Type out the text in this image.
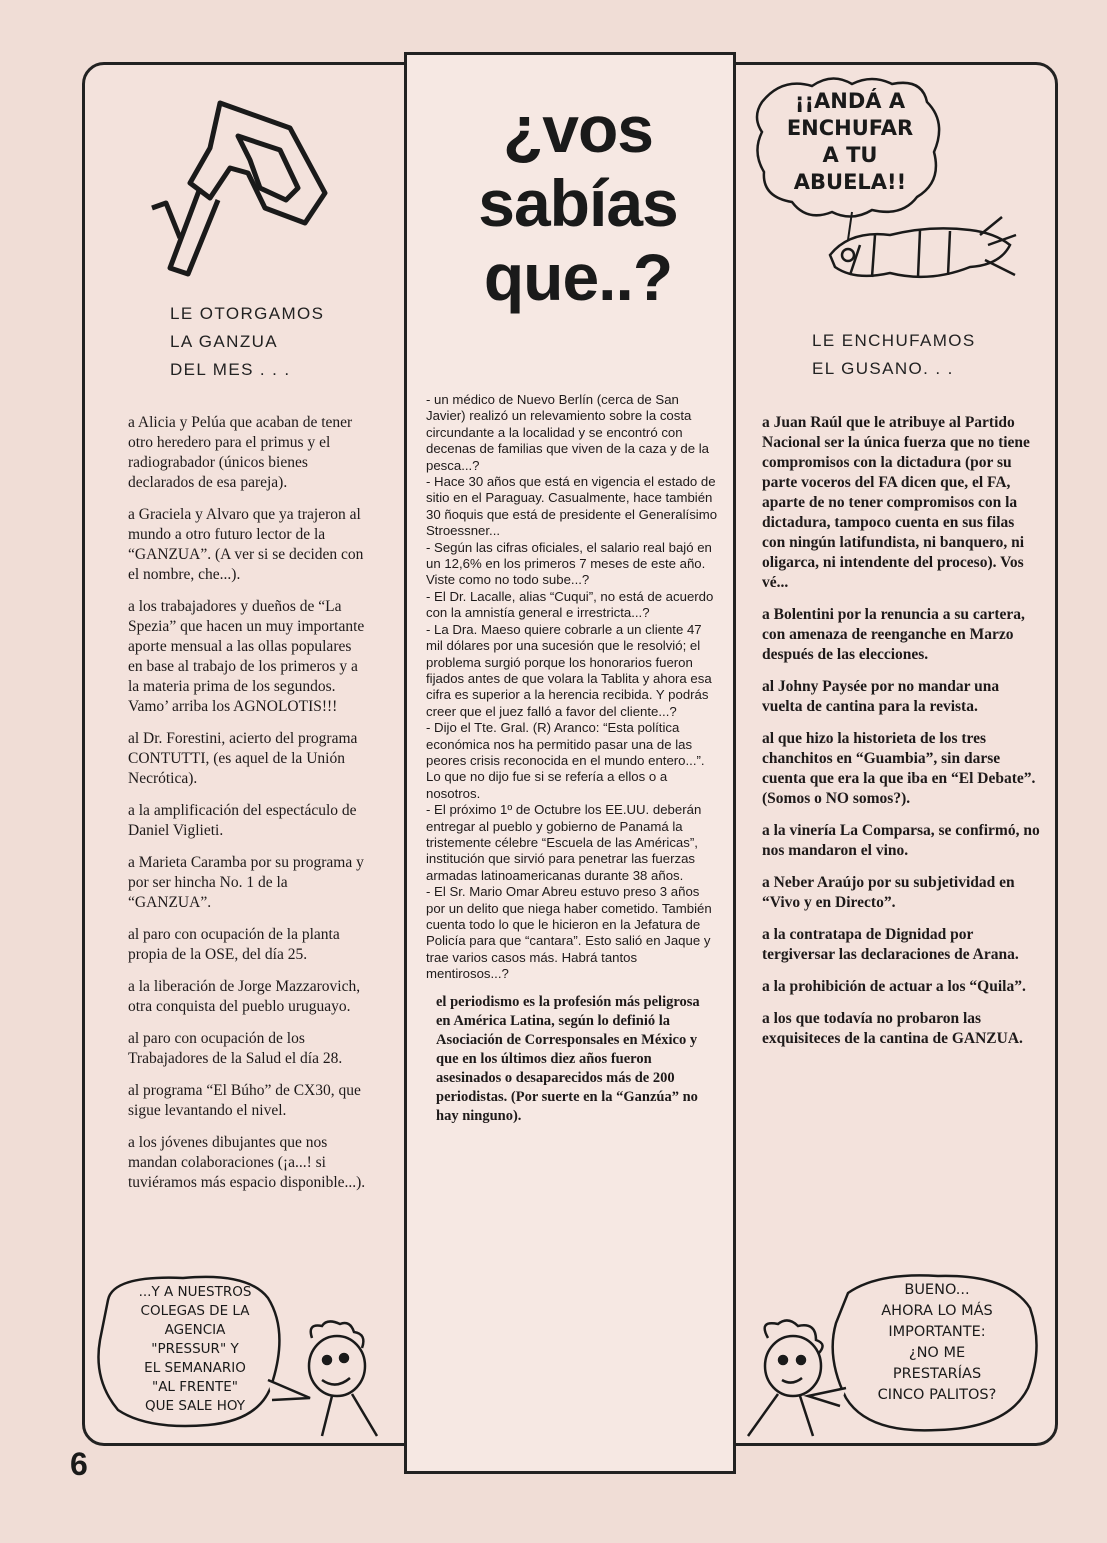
LE OTORGAMOS
LA GANZUA
DEL MES . . .

a Alicia y Pelúa que acaban de tener otro heredero para el primus y el radiograbador (únicos bienes declarados de esa pareja).

a Graciela y Alvaro que ya trajeron al mundo a otro futuro lector de la “GANZUA”. (A ver si se deciden con el nombre, che...).

a los trabajadores y dueños de “La Spezia” que hacen un muy importante aporte mensual a las ollas populares en base al trabajo de los primeros y a la materia prima de los segundos. Vamo’ arriba los AGNOLOTIS!!!

al Dr. Forestini, acierto del programa CONTUTTI, (es aquel de la Unión Necrótica).

a la amplificación del espectáculo de Daniel Viglieti.

a Marieta Caramba por su programa y por ser hincha No. 1 de la “GANZUA”.

al paro con ocupación de la planta propia de la OSE, del día 25.

a la liberación de Jorge Mazzarovich, otra conquista del pueblo uruguayo.

al paro con ocupación de los Trabajadores de la Salud el día 28.

al programa “El Búho” de CX30, que sigue levantando el nivel.

a los jóvenes dibujantes que nos mandan colaboraciones (¡a...! si tuviéramos más espacio disponible...).

...Y A NUESTROS
COLEGAS DE LA
AGENCIA
"PRESSUR" Y
EL SEMANARIO
"AL FRENTE"
QUE SALE HOY
¿vos
sabías
que..?

- un médico de Nuevo Berlín (cerca de San Javier) realizó un relevamiento sobre la costa circundante a la localidad y se encontró con decenas de familias que viven de la caza y de la pesca...?

- Hace 30 años que está en vigencia el estado de sitio en el Paraguay. Casualmente, hace también 30 ñoquis que está de presidente el Generalísimo Stroessner...

- Según las cifras oficiales, el salario real bajó en un 12,6% en los primeros 7 meses de este año. Viste como no todo sube...?

- El Dr. Lacalle, alias “Cuqui”, no está de acuerdo con la amnistía general e irrestricta...?

- La Dra. Maeso quiere cobrarle a un cliente 47 mil dólares por una sucesión que le resolvió; el problema surgió porque los honorarios fueron fijados antes de que volara la Tablita y ahora esa cifra es superior a la herencia recibida. Y podrás creer que el juez falló a favor del cliente...?

- Dijo el Tte. Gral. (R) Aranco: “Esta política económica nos ha permitido pasar una de las peores crisis reconocida en el mundo entero...”. Lo que no dijo fue si se refería a ellos o a nosotros.

- El próximo 1º de Octubre los EE.UU. deberán entregar al pueblo y gobierno de Panamá la tristemente célebre “Escuela de las Américas”, institución que sirvió para penetrar las fuerzas armadas latinoamericanas durante 38 años.

- El Sr. Mario Omar Abreu estuvo preso 3 años por un delito que niega haber cometido. También cuenta todo lo que le hicieron en la Jefatura de Policía para que “cantara”. Esto salió en Jaque y trae varios casos más. Habrá tantos mentirosos...?

el periodismo es la profesión más peligrosa en América Latina, según lo definió la Asociación de Corresponsales en México y que en los últimos diez años fueron asesinados o desaparecidos más de 200 periodistas. (Por suerte en la “Ganzúa” no hay ninguno).

¡¡ANDÁ A
ENCHUFAR
A TU
ABUELA!!
LE ENCHUFAMOS
EL GUSANO. . .

a Juan Raúl que le atribuye al Partido Nacional ser la única fuerza que no tiene compromisos con la dictadura (por su parte voceros del FA dicen que, el FA, aparte de no tener compromisos con la dictadura, tampoco cuenta en sus filas con ningún latifundista, ni banquero, ni oligarca, ni intendente del proceso). Vos vé...

a Bolentini por la renuncia a su cartera, con amenaza de reenganche en Marzo después de las elecciones.

al Johny Paysée por no mandar una vuelta de cantina para la revista.

al que hizo la historieta de los tres chanchitos en “Guambia”, sin darse cuenta que era la que iba en “El Debate”. (Somos o NO somos?).

a la vinería La Comparsa, se confirmó, no nos mandaron el vino.

a Neber Araújo por su subjetividad en “Vivo y en Directo”.

a la contratapa de Dignidad por tergiversar las declaraciones de Arana.

a la prohibición de actuar a los “Quila”.

a los que todavía no probaron las exquisiteces de la cantina de GANZUA.

BUENO...
AHORA LO MÁS
IMPORTANTE:
¿NO ME
PRESTARÍAS
CINCO PALITOS?
6
